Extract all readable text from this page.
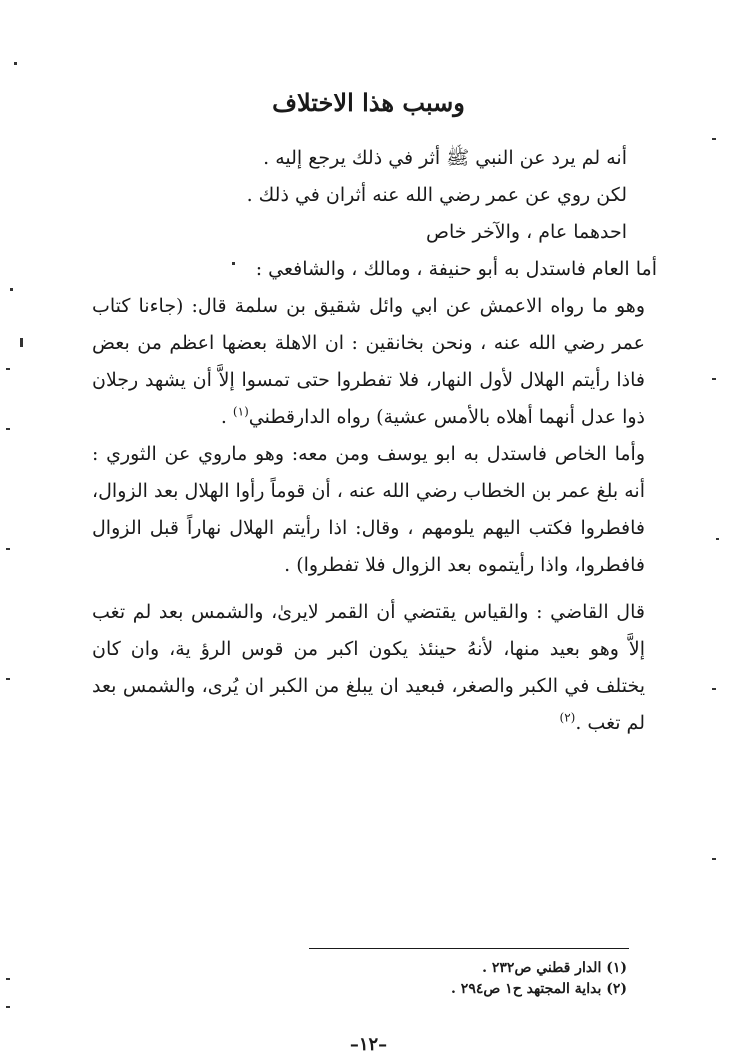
وسبب هذا الاختلاف

أنه لم يرد عن النبي ﷺ أثر في ذلك يرجع إليه .

لكن روي عن عمر رضي الله عنه أثران في ذلك .

احدهما عام ، والآخر خاص

أما العام فاستدل به أبو حنيفة ، ومالك ، والشافعي :

وهو ما رواه الاعمش عن ابي وائل شقيق بن سلمة قال: (جاءنا كتاب عمر رضي الله عنه ، ونحن بخانقين : ان الاهلة بعضها اعظم من بعض فاذا رأيتم الهلال لأول النهار، فلا تفطروا حتى تمسوا إلاَّ أن يشهد رجلان ذوا عدل أنهما أهلاه بالأمس عشية) رواه الدارقطني$^{(١)}$ .

وأما الخاص فاستدل به ابو يوسف ومن معه: وهو ماروي عن الثوري : أنه بلغ عمر بن الخطاب رضي الله عنه ، أن قوماً رأوا الهلال بعد الزوال، فافطروا فكتب اليهم يلومهم ، وقال: اذا رأيتم الهلال نهاراً قبل الزوال فافطروا، واذا رأيتموه بعد الزوال فلا تفطروا) .

قال القاضي : والقياس يقتضي أن القمر لايرىٰ، والشمس بعد لم تغب إلاَّ وهو بعيد منها، لأنهُ حينئذ يكون اكبر من قوس الرؤ ية، وان كان يختلف في الكبر والصغر، فبعيد ان يبلغ من الكبر ان يُرى، والشمس بعد لم تغب .$^{(٢)}$

(١) الدار قطني ص٢٣٢ .

(٢) بداية المجتهد ح١ ص٢٩٤ .

–١٢–
